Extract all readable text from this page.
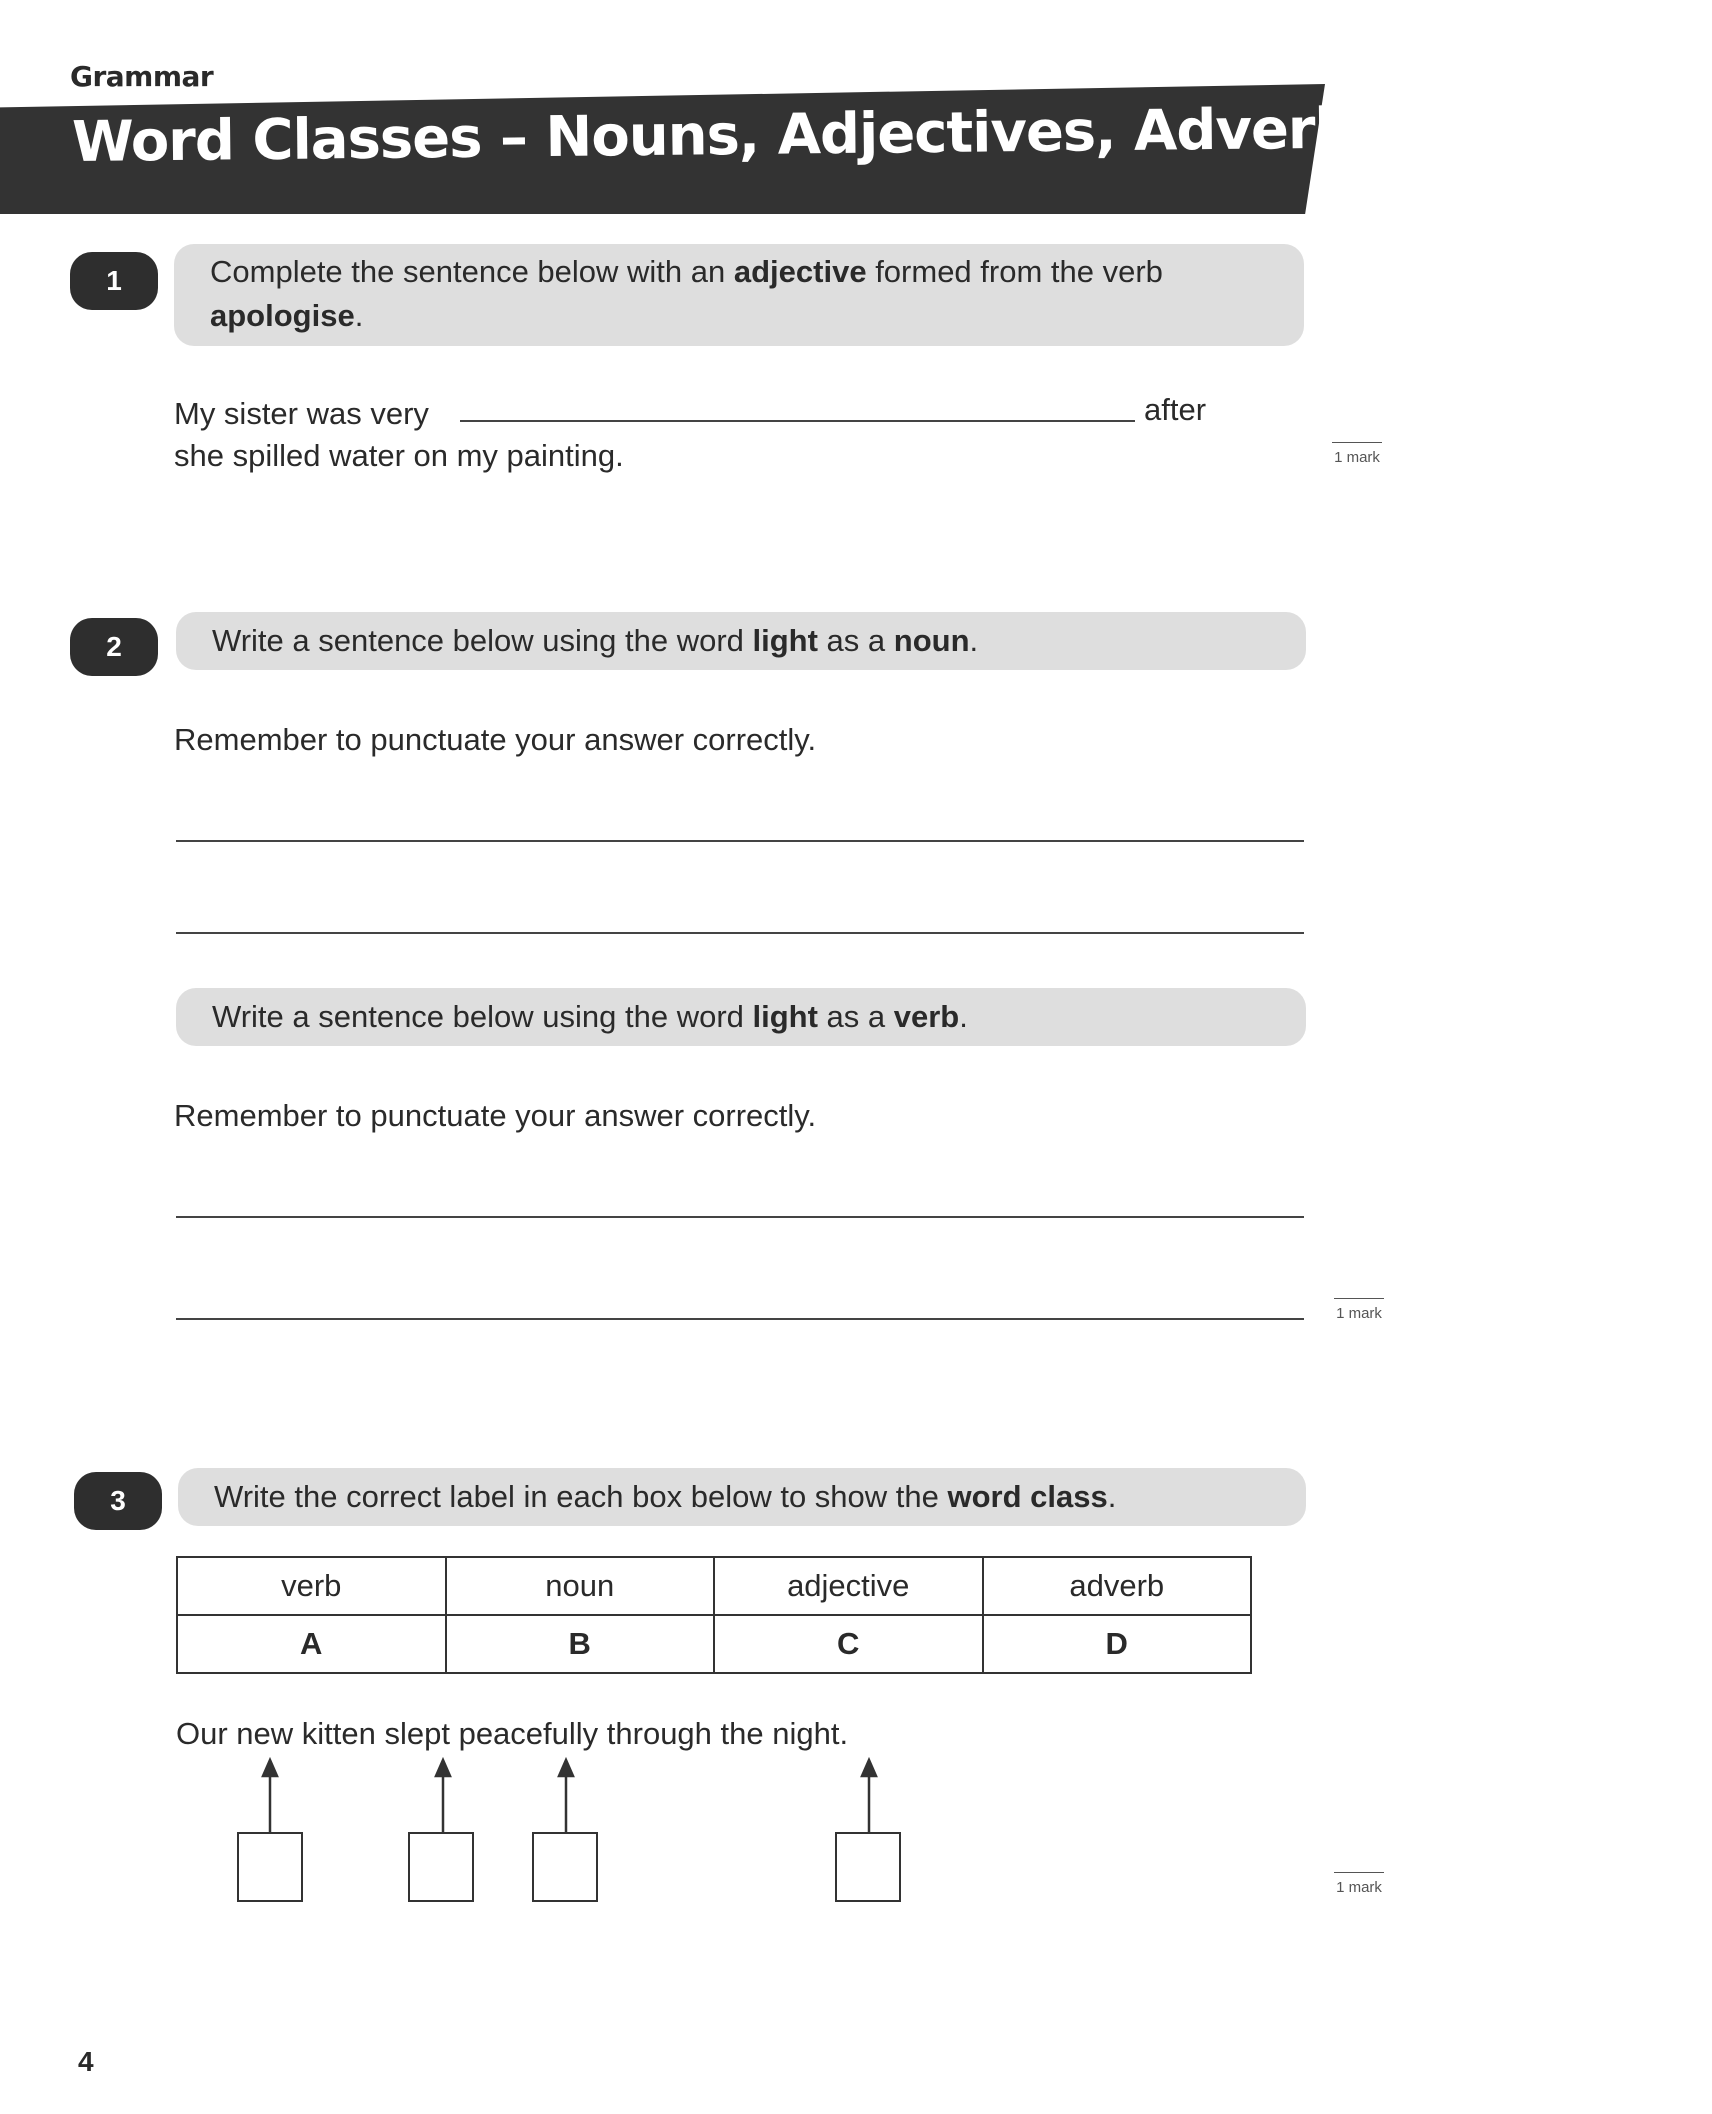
Grammar
Word Classes – Nouns, Adjectives, Adverbs and Verbs
1	Complete the sentence below with an adjective formed from the verb
apologise.
My sister was very	after
she spilled water on my painting.	1 mark
2	Write a sentence below using the word light as a noun.
Remember to punctuate your answer correctly.
Write a sentence below using the word light as a verb.
Remember to punctuate your answer correctly.
1 mark
3	Write the correct label in each box below to show the word class.
verb	noun	adjective	adverb
A	B	C	D
Our new kitten slept peacefully through the night.
1 mark
4
